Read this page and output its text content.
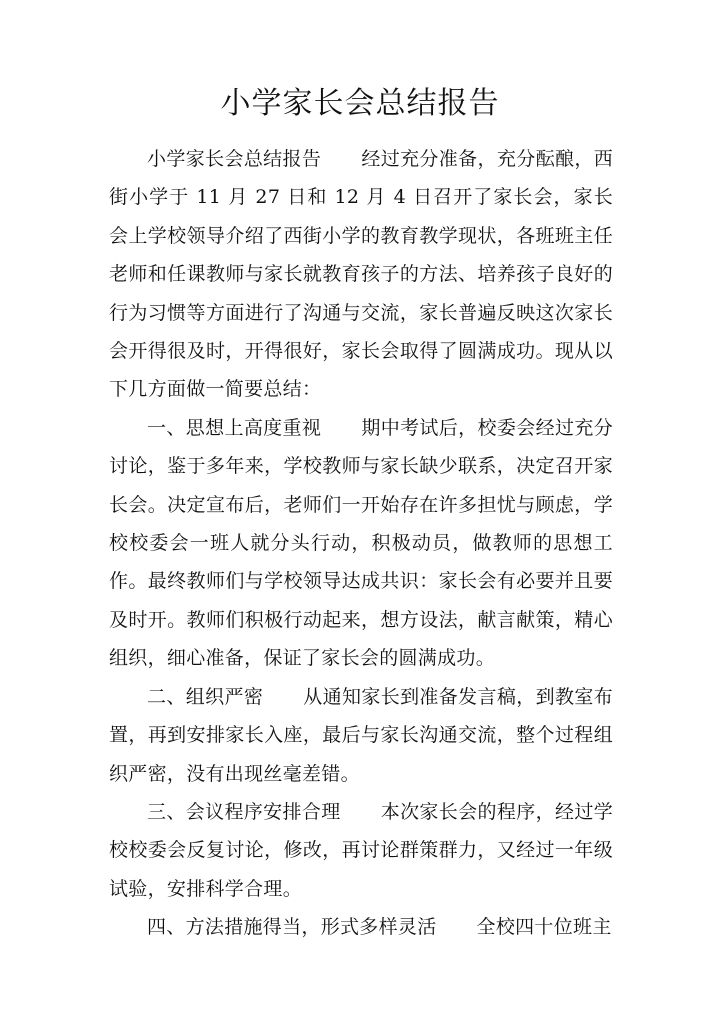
小学家长会总结报告

小学家长会总结报告 经过充分准备，充分酝酿，西街小学于 11 月 27 日和 12 月 4 日召开了家长会，家长会上学校领导介绍了西街小学的教育教学现状，各班班主任老师和任课教师与家长就教育孩子的方法、培养孩子良好的行为习惯等方面进行了沟通与交流，家长普遍反映这次家长会开得很及时，开得很好，家长会取得了圆满成功。现从以下几方面做一简要总结：

一、思想上高度重视 期中考试后，校委会经过充分讨论，鉴于多年来，学校教师与家长缺少联系，决定召开家长会。决定宣布后，老师们一开始存在许多担忧与顾虑，学校校委会一班人就分头行动，积极动员，做教师的思想工作。最终教师们与学校领导达成共识：家长会有必要并且要及时开。教师们积极行动起来，想方设法，献言献策，精心组织，细心准备，保证了家长会的圆满成功。

二、组织严密 从通知家长到准备发言稿，到教室布置，再到安排家长入座，最后与家长沟通交流，整个过程组织严密，没有出现丝毫差错。

三、会议程序安排合理 本次家长会的程序，经过学校校委会反复讨论，修改，再讨论群策群力，又经过一年级试验，安排科学合理。

四、方法措施得当，形式多样灵活 全校四十位班主
